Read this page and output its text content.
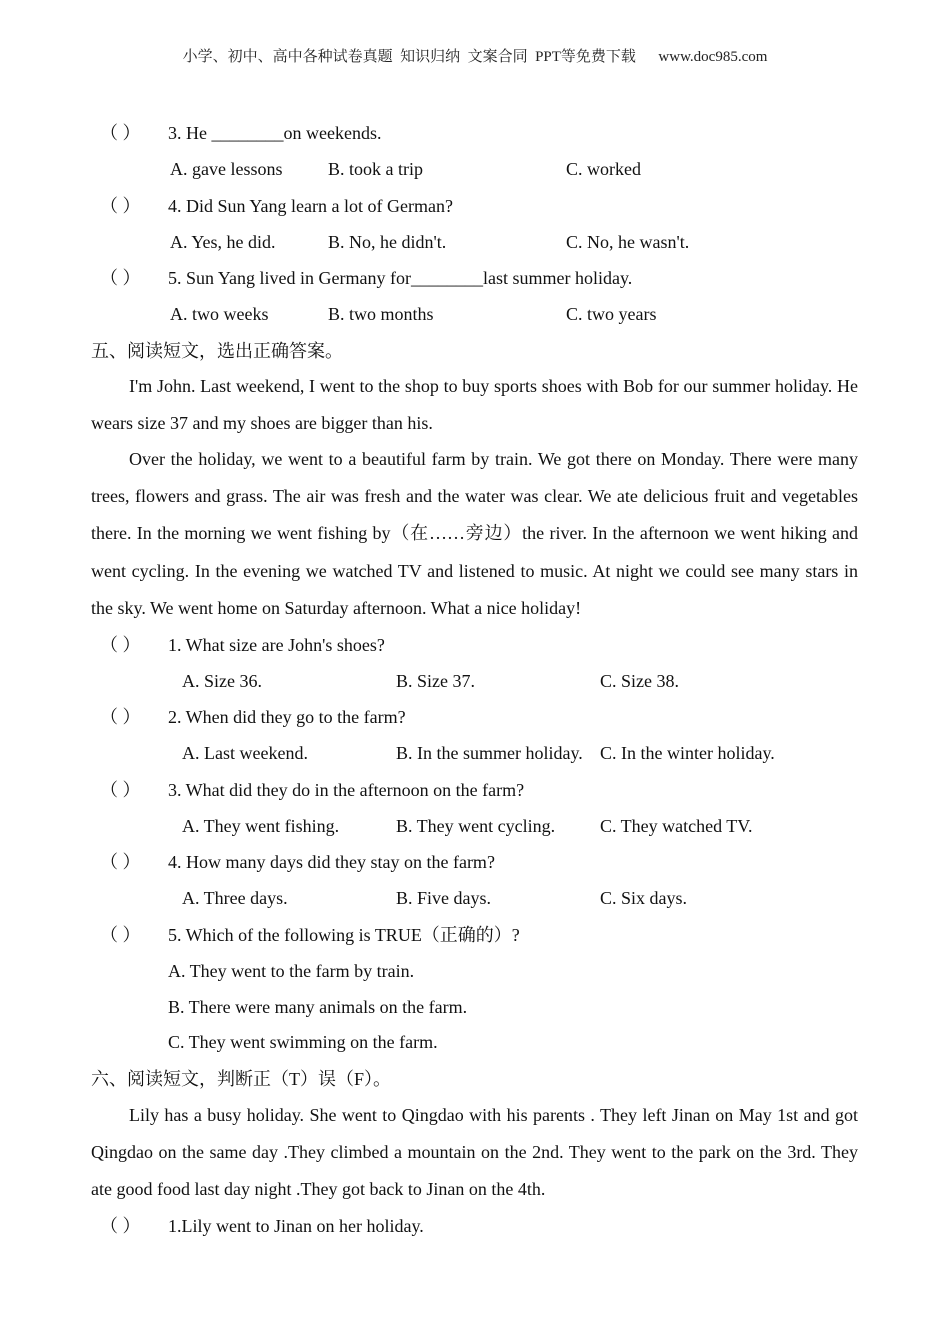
小学、初中、高中各种试卷真题  知识归纳  文案合同  PPT等免费下载      www.doc985.com
（ ） 3. He ________on weekends.
A. gave lessons	B. took a trip	C. worked
（ ） 4. Did Sun Yang learn a lot of German?
A. Yes, he did.	B. No, he didn't.	C. No, he wasn't.
（ ） 5. Sun Yang lived in Germany for________last summer holiday.
A. two weeks	B. two months	C. two years
五、阅读短文，选出正确答案。
I'm John. Last weekend, I went to the shop to buy sports shoes with Bob for our summer holiday. He wears size 37 and my shoes are bigger than his.
Over the holiday, we went to a beautiful farm by train. We got there on Monday. There were many trees, flowers and grass. The air was fresh and the water was clear. We ate delicious fruit and vegetables there. In the morning we went fishing by（在……旁边）the river. In the afternoon we went hiking and went cycling. In the evening we watched TV and listened to music. At night we could see many stars in the sky. We went home on Saturday afternoon. What a nice holiday!
（ ） 1. What size are John's shoes?
A. Size 36.	B. Size 37.	C. Size 38.
（ ） 2. When did they go to the farm?
A. Last weekend.	B. In the summer holiday. C. In the winter holiday.
（ ） 3. What did they do in the afternoon on the farm?
A. They went fishing.	B. They went cycling. C. They watched TV.
（ ） 4. How many days did they stay on the farm?
A. Three days.	B. Five days.	C. Six days.
（ ） 5. Which of the following is TRUE（正确的）?
A. They went to the farm by train.
B. There were many animals on the farm.
C. They went swimming on the farm.
六、阅读短文，判断正（T）误（F）。
Lily has a busy holiday. She went to Qingdao with his parents . They left Jinan on May 1st and got Qingdao on the same day .They climbed a mountain on the 2nd. They went to the park on the 3rd. They ate good food last day night .They got back to Jinan on the 4th.
（ ） 1.Lily went to Jinan on her holiday.
